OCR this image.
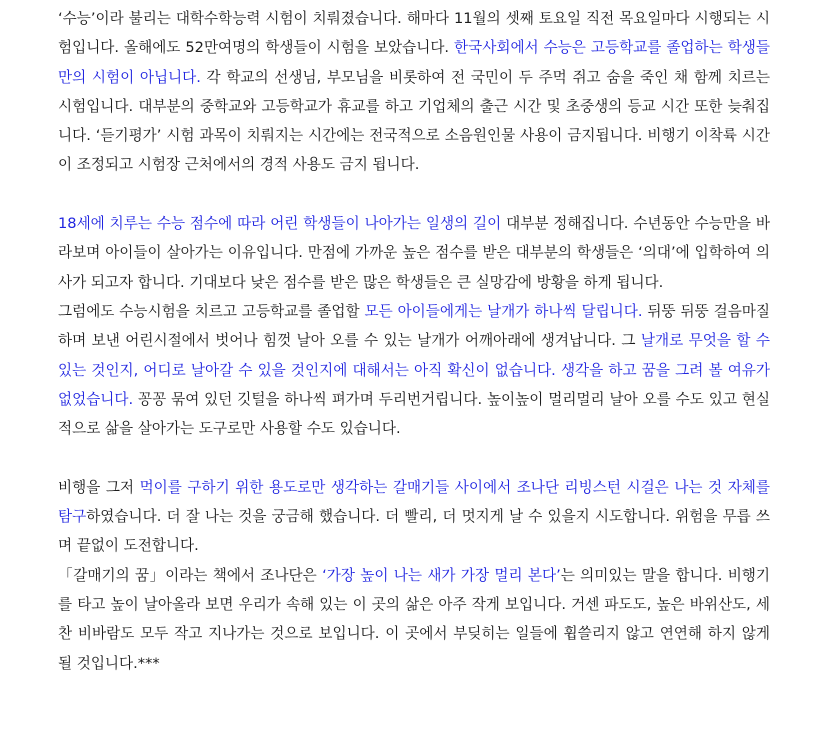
‘수능’이라 불리는 대학수학능력 시험이 치뤄졌습니다. 해마다 11월의 셋째 토요일 직전 목요일마다 시행되는 시험입니다. 올해에도 52만여명의 학생들이 시험을 보았습니다. 한국사회에서 수능은 고등학교를 졸업하는 학생들만의 시험이 아닙니다. 각 학교의 선생님, 부모님을 비롯하여 전 국민이 두 주먹 쥐고 숨을 죽인 채 함께 치르는 시험입니다. 대부분의 중학교와 고등학교가 휴교를 하고 기업체의 출근 시간 및 초중생의 등교 시간 또한 늦춰집니다. ‘듣기평가’ 시험 과목이 치뤄지는 시간에는 전국적으로 소음원인물 사용이 금지됩니다. 비행기 이착륙 시간이 조정되고 시험장 근처에서의 경적 사용도 금지 됩니다.

18세에 치루는 수능 점수에 따라 어린 학생들이 나아가는 일생의 길이 대부분 정해집니다. 수년동안 수능만을 바라보며 아이들이 살아가는 이유입니다. 만점에 가까운 높은 점수를 받은 대부분의 학생들은 ‘의대’에 입학하여 의사가 되고자 합니다. 기대보다 낮은 점수를 받은 많은 학생들은 큰 실망감에 방황을 하게 됩니다.

그럼에도 수능시험을 치르고 고등학교를 졸업할 모든 아이들에게는 날개가 하나씩 달립니다. 뒤뚱 뒤뚱 걸음마질 하며 보낸 어린시절에서 벗어나 힘껏 날아 오를 수 있는 날개가 어깨아래에 생겨납니다. 그 날개로 무엇을 할 수 있는 것인지, 어디로 날아갈 수 있을 것인지에 대해서는 아직 확신이 없습니다. 생각을 하고 꿈을 그려 볼 여유가 없었습니다. 꽁꽁 묶여 있던 깃털을 하나씩 펴가며 두리번거립니다. 높이높이 멀리멀리 날아 오를 수도 있고 현실적으로 삶을 살아가는 도구로만 사용할 수도 있습니다.

비행을 그저 먹이를 구하기 위한 용도로만 생각하는 갈매기들 사이에서 조나단 리빙스턴 시걸은 나는 것 자체를 탐구하였습니다. 더 잘 나는 것을 궁금해 했습니다. 더 빨리, 더 멋지게 날 수 있을지 시도합니다. 위험을 무릅 쓰며 끝없이 도전합니다.

「갈매기의 꿈」이라는 책에서 조나단은 ‘가장 높이 나는 새가 가장 멀리 본다’는 의미있는 말을 합니다. 비행기를 타고 높이 날아올라 보면 우리가 속해 있는 이 곳의 삶은 아주 작게 보입니다. 거센 파도도, 높은 바위산도, 세찬 비바람도 모두 작고 지나가는 것으로 보입니다. 이 곳에서 부딪히는 일들에 휩쓸리지 않고 연연해 하지 않게 될 것입니다.***
